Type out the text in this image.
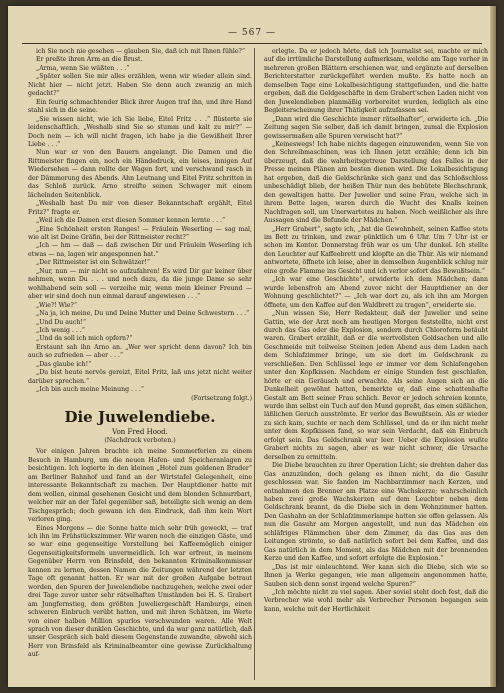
— 567 —

ich Sie noch nie gesehen — glauben Sie, daß ich mit Ihnen fühle?“

Er preßte ihren Arm an die Brust.

„Arma, wenn Sie wüßten . . .“

„Später sollen Sie mir alles erzählen, wenn wir wieder allein sind. Nicht hier — nicht jetzt. Haben Sie denn auch zwanzig an mich gedacht?“

Ein feurig schmachtender Blick ihrer Augen traf ihn, und ihre Hand stahl sich in die seine.

„Sie wissen nicht, wie ich Sie liebe, Eitel Fritz . . .“ flüsterte sie leidenschaftlich. „Weshalb sind Sie so stumm und kalt zu mir?“ — Doch nein — ich will nicht fragen, ich habe ja die Gewißheit Ihrer Liebe . . .“

Nun war er von den Bauern angelangt. Die Damen und die Rittmeister fingen ein, noch ein Händedruck, ein leises, innigen Auf Wiedersehen — dann rollte der Wagen fort, und verschwand rasch in der Dämmerung des Abends. Ahn Leutnang und Eitel Fritz schritten in das Schloß zurück. Arno streifte seinen Schwager mit einem lächelnden Seitenblick.

„Weshalb hast Du mir von dieser Bekanntschaft ergählt, Eitel Fritz?“ fragte er.

„Weil ich die Damen erst diesen Sommer kennen lernte . . .“

„Eine Schönheit ersten Ranges! — Fräulein Weserling — sag mal, wie alt ist Deine Gräfin, bei der Rittmeister recht?“

„Ich — hm — daß — daß zwischen Dir und Fräulein Weserling ich etwas — na, lagen wir angesponnen hat.“

„Der Rittmeister ist ein Schwätzer!“

„Nur, nun — mir nicht so aufzufahren! Es wird Dir gar keiner über nehmen, wenn Du . . . und noch dazu, da die junge Dame so sehr wohlhabend sein soll — verzeihe mir, wenn mein kleiner Freund — aber wir sind doch nun einmal darauf angewiesen . . .“

„Wie?! Wie?“

„Na ja, ich meine, Du und Deine Mutter und Deine Schwestern . . .“

„Und Du auch!“

„Ich wenig . . .“

„Und da soll ich mich opfern?“

Erstaunt sah ihn Arno an. „Wer wer spricht denn davon? Ich bin auch so zufrieden — aber . . .“

„Das glaube ich!“

„Du bist heute nervös gereizt, Eitel Fritz, laß uns jetzt nicht weiter darüber sprechen.“

„Ich bin auch meine Meinung . . .“

(Fortsetzung folgt.)

Die Juwelendiebe.
Von Fred Hood.
(Nachdruck verboten.)

Vor einigen Jahren brachte ich meine Sommerferien zu einem Besuch in Hamburg, um die neuen Hafen- und Speicheranlagen zu besichtigen. Ich logierte in den kleinen „Hotel zum goldenen Bruder“ am Berliner Bahnhof und fand an der Wirtstafel Gelegenheit, eine interessante Bekanntschaft zu machen. Der Hauptdiener hatte mit dem wollen, einmal gesehenen Gesicht und dem blonden Schnurrbart, welcher mir an der Tafel gegenüber saß, beteiligte sich wenig an dem Tischgespräch; doch gewann ich den Eindruck, daß ihm kein Wort verloren ging.

Eines Morgens — die Sonne hatte mich sehr früh geweckt, — traf ich ihn im Frühstückszimmer. Wir waren noch die einzigen Gäste, und so war eine gegenseitige Vorstellung bei Kaffeemöglich einiger Gegenseitigkeitsformeln unvermeidlich. Ich war erfreut, in meinem Gegenüber Herrn von Brinsfeld, den bekannten Kriminalkommissar kennen zu lernen, dessen Namen die Zeitungen während der letzten Tage oft genannt hatten. Er war mit der großen Aufgabe betraut worden, den Spuren der Juwelendiebe nachzugehen, welche zwei oder drei Tage zuvor unter sehr rätselhaften Umständen bei H. S. Grabert am Jungfernstieg, dem größten Juweliergeschäft Hamburgs, einen schweren Einbruch verübt hatten, und mit ihren Schätzen, im Werte von einer halben Million spurlos verschwunden waren. Alle Welt sprach von dieser dunklen Geschichte, und da war ganz natürlich, daß unser Gespräch sich bald diesem Gegenstande zuwandte, obwohl sich Herr von Brinsfeld als Kriminalbeamter eine gewisse Zurückhaltung auf-

erlegte. Da er jedoch hörte, daß ich Journalist sei, machte er mich auf die irrtümliche Darstellung aufmerksam, welche am Tage vorher in mehreren großen Blättern erschienen war, und ergänzte auf derselben Berichterstatter zurückgeführt werden mußte. Es hatte noch an demselben Tage eine Lokalbesichtigung stattgefunden, und die hatte ergeben, daß die Geldgeschäfte in dem Grabert'schen Laden nicht von den Juwelendieben planmäßig vorbereitet wurden, lediglich als eine Begleiterscheinung ihrer Thätigkeit aufzufassen sei.

„Dann wird die Geschichte immer rätselhafter“, erwiderte ich. „Die Zeitung sagen Sie selber, daß ich damit bringen, zumal die Explosion gewissermaßen alle Spuren verwischt hat?“

„Keineswegs! Ich habe nichts dagegen einzuwenden, wenn Sie von den Schreibmaschinen, was ich Ihnen jetzt erzähle; denn ich bin überzeugt, daß die wahrheitsgetreue Darstellung des Falles in der Presse meinen Plänen am besten dienen wird. Die Lokalbesichtigung hat ergeben, daß die Geldschränke sich ganz und das Schloßschloss unbeschädigt blieb, der heißen Thür nun des behütete Blechschrank, den gewaltigen hatte. Der Juwelier und seine Frau, welche sich in ihrem Bette lagen, waren durch die Wucht des Knalls keinen Nachfragen soll, um Unerwartetes zu haben. Noch weißlicher als ihre Aussagen sind die Befunde der Mädchen.“

„Herr Grabert“, sagte ich, „hat die Gewohnheit, seinen Kaffee stets im Bett zu trinken, und zwar pünktlich um 6 Uhr. Um 7 Uhr ist er schon im Kontor. Donnerstag früh war es um Uhr dunkel. Ich stellte den Leuchter auf Kaffeebrett und klopfte an die Thür. Als wir niemand antwortete, öffnete ich leise, aber in demselben Augenblick schlug mir eine große Flamme ins Gesicht und ich verlor sofort das Bewußtsein.“

„Ich war eine Geschichte“, erwiderte ich dem Mädchen; dann wurde lebensfroh am Abend zuvor nicht der Hauptdiener an der Wohnung geschlichtet?“ — „Ich war dort zu, als ich ihn am Morgen öffnete, um den Kaffee auf den Waldbrett zu tragen“, erwiderte sie.

„Nun wissen Sie, Herr Redakteur, daß der Juwelier und seine Gattin, wie der Arzt noch am heutigen Morgen feststellte, nicht erst durch das Gas oder die Explosion, sondern durch Chloroform betäubt waren. Grabert erzählt, daß er die wertvollsten Goldsachen und alle Geschmeide mit teilweise Steinen jeden Abend aus dem Laden nach dem Schlafzimmer bringe, um sie dort im Geldschrank zu verschließen. Den Schlüssel lege er immer vor dem Schlafengehen unter den Kopfkissen. Nachdem er einige Stunden fest geschlafen, hörte er ein Geräusch und erwachte. Als seine Augen sich an die Dunkelheit gewöhnt hatten, bemerkte er, daß eine schattenhafte Gestalt am Bett seiner Frau schlich. Bevor er jedoch schreien konnte, wurde ihm selbst ein Tuch auf den Mund gepreßt, das einen süßlichen, läßlichen Geruch ausströmte. Er verlor das Bewußtsein. Als er wieder zu sich kam, suchte er nach dem Schlüssel, und da er ihn nicht mehr unter dem Kopfkissen fand, so war sein Verdacht, daß ein Einbruch erfolgt sein. Das Geldschrank war leer. Ueber die Explosion wußte Grabert nichts zu sagen, aber es war nicht schwer, die Ursache derselben zu ermitteln.

Die Diebe brauchten zu ihrer Operation Licht; sie drehten daher das Gas anzuzünden, doch gelang es ihnen nicht, da die Gasuhr geschlossen war. Sie fanden im Nachbarzimmer nach Kerzen, und entnahmen den Brenner am Platze eine Wachskerze; wahrscheinlich haben zwei große Wachskerzen auf dem Leuchter neben dem Geldschrank brannt, da die Diebe sich in dem Wohnzimmer hatten. Den Gashahn an der Schlafzimmerlampe hatten sie offen gelassen. Als nun die Gasuhr am Morgen angestellt, und nun das Mädchen ein schläfriges Flämmchen über dem Zimmer, da das Gas aus den Leitungen strömte, so daß natürlich sofort bei dem Kaffee, und das Gas natürlich in dem Moment, als das Mädchen mit der brennenden Kerze und den Kaffee, und sofort erfolgte die Explosion.“

„Das ist mir einleuchtend. Wer kann sich die Diebe, sich wie so Ihnen ja Werke gegangen, wie man allgemein angenommen hatte, Sauben sich denn sonst irgend welche Spuren?“

„Ich möchte nicht zu viel sagen. Aber soviel steht doch fest, daß die Verbrecher wie wohl mehr als Verbrecher Personen begangen sein kann, welche mit der Hertlichkeit
